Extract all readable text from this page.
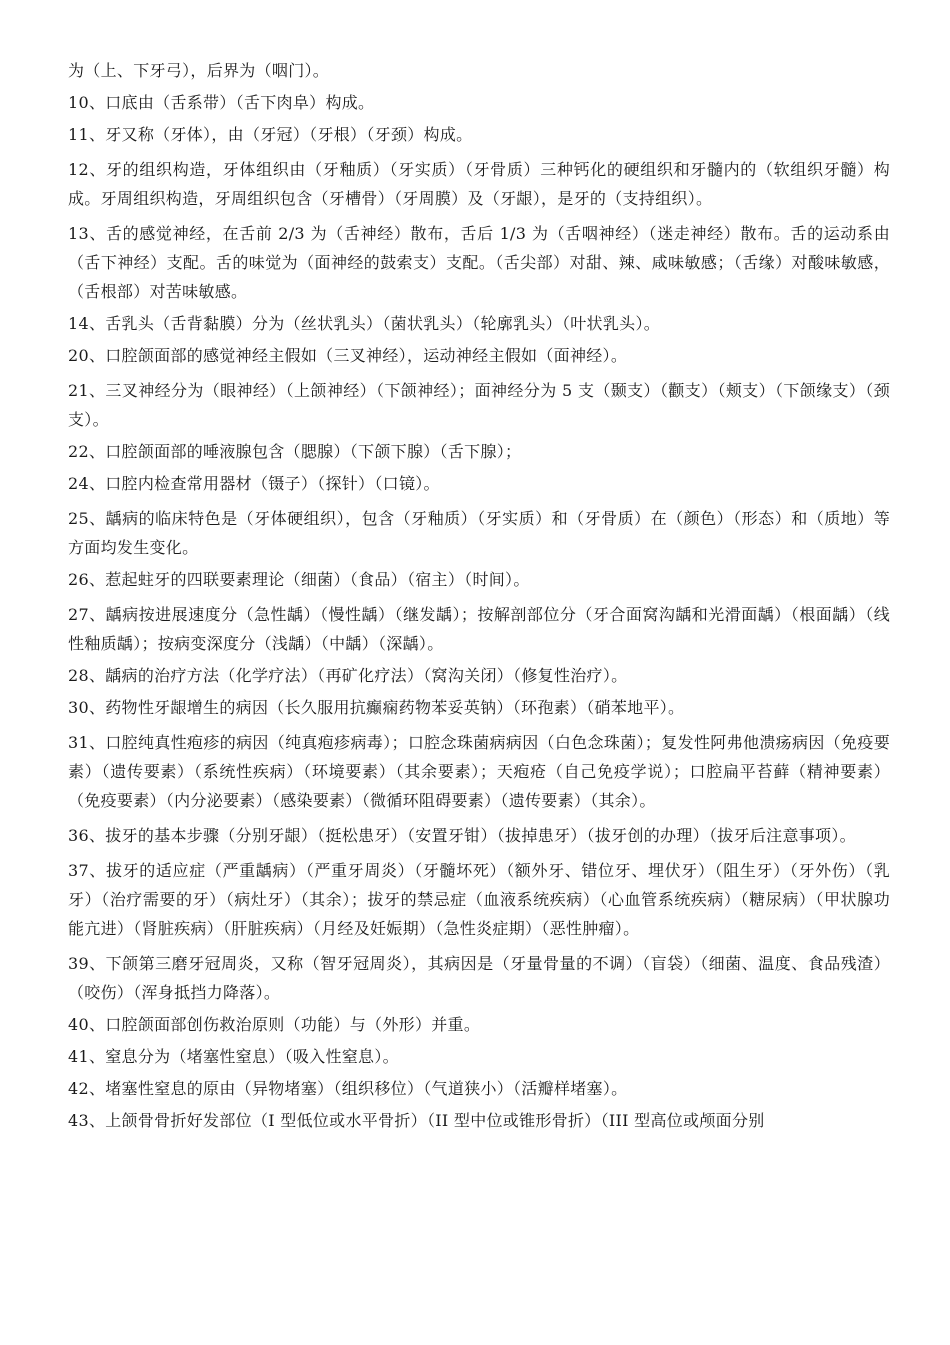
为（上、下牙弓），后界为（咽门）。

10、口底由（舌系带）（舌下肉阜）构成。

11、牙又称（牙体），由（牙冠）（牙根）（牙颈）构成。

12、牙的组织构造，牙体组织由（牙釉质）（牙实质）（牙骨质）三种钙化的硬组织和牙髓内的（软组织牙髓）构成。牙周组织构造，牙周组织包含（牙槽骨）（牙周膜）及（牙龈），是牙的（支持组织）。

13、舌的感觉神经，在舌前 2/3 为（舌神经）散布，舌后 1/3 为（舌咽神经）（迷走神经）散布。舌的运动系由（舌下神经）支配。舌的味觉为（面神经的鼓索支）支配。（舌尖部）对甜、辣、咸味敏感；（舌缘）对酸味敏感，（舌根部）对苦味敏感。

14、舌乳头（舌背黏膜）分为（丝状乳头）（菌状乳头）（轮廓乳头）（叶状乳头）。

20、口腔颌面部的感觉神经主假如（三叉神经），运动神经主假如（面神经）。

21、三叉神经分为（眼神经）（上颌神经）（下颌神经）；面神经分为 5 支（颞支）（颧支）（颊支）（下颌缘支）（颈支）。

22、口腔颌面部的唾液腺包含（腮腺）（下颌下腺）（舌下腺）；

24、口腔内检查常用器材（镊子）（探针）（口镜）。

25、龋病的临床特色是（牙体硬组织），包含（牙釉质）（牙实质）和（牙骨质）在（颜色）（形态）和（质地）等方面均发生变化。

26、惹起蛀牙的四联要素理论（细菌）（食品）（宿主）（时间）。

27、龋病按进展速度分（急性龋）（慢性龋）（继发龋）；按解剖部位分（牙合面窝沟龋和光滑面龋）（根面龋）（线性釉质龋）；按病变深度分（浅龋）（中龋）（深龋）。

28、龋病的治疗方法（化学疗法）（再矿化疗法）（窝沟关闭）（修复性治疗）。

30、药物性牙龈增生的病因（长久服用抗癫痫药物苯妥英钠）（环孢素）（硝苯地平）。

31、口腔纯真性疱疹的病因（纯真疱疹病毒）；口腔念珠菌病病因（白色念珠菌）；复发性阿弗他溃疡病因（免疫要素）（遗传要素）（系统性疾病）（环境要素）（其余要素）；天疱疮（自己免疫学说）；口腔扁平苔藓（精神要素）（免疫要素）（内分泌要素）（感染要素）（微循环阻碍要素）（遗传要素）（其余）。

36、拔牙的基本步骤（分别牙龈）（挺松患牙）（安置牙钳）（拔掉患牙）（拔牙创的办理）（拔牙后注意事项）。

37、拔牙的适应症（严重龋病）（严重牙周炎）（牙髓坏死）（额外牙、错位牙、埋伏牙）（阻生牙）（牙外伤）（乳牙）（治疗需要的牙）（病灶牙）（其余）；拔牙的禁忌症（血液系统疾病）（心血管系统疾病）（糖尿病）（甲状腺功能亢进）（肾脏疾病）（肝脏疾病）（月经及妊娠期）（急性炎症期）（恶性肿瘤）。

39、下颌第三磨牙冠周炎，又称（智牙冠周炎），其病因是（牙量骨量的不调）（盲袋）（细菌、温度、食品残渣）（咬伤）（浑身抵挡力降落）。

40、口腔颌面部创伤救治原则（功能）与（外形）并重。

41、窒息分为（堵塞性窒息）（吸入性窒息）。

42、堵塞性窒息的原由（异物堵塞）（组织移位）（气道狭小）（活瓣样堵塞）。

43、上颌骨骨折好发部位（I 型低位或水平骨折）（II 型中位或锥形骨折）（III 型高位或颅面分别
